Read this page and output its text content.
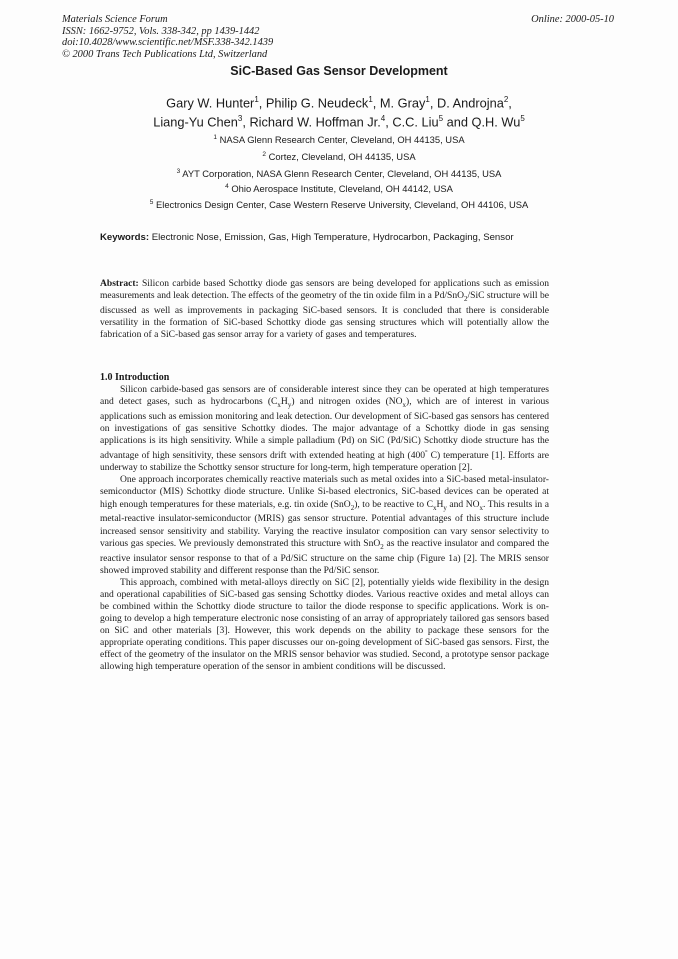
Materials Science Forum
ISSN: 1662-9752, Vols. 338-342, pp 1439-1442
doi:10.4028/www.scientific.net/MSF.338-342.1439
© 2000 Trans Tech Publications Ltd, Switzerland
Online: 2000-05-10
SiC-Based Gas Sensor Development
Gary W. Hunter$^1$, Philip G. Neudeck$^1$, M. Gray$^1$, D. Androjna$^2$,
Liang-Yu Chen$^3$, Richard W. Hoffman Jr.$^4$, C.C. Liu$^5$ and Q.H. Wu$^5$
$^1$ NASA Glenn Research Center, Cleveland, OH 44135, USA
$^2$ Cortez, Cleveland, OH 44135, USA
$^3$ AYT Corporation, NASA Glenn Research Center, Cleveland, OH 44135, USA
$^4$ Ohio Aerospace Institute, Cleveland, OH 44142, USA
$^5$ Electronics Design Center, Case Western Reserve University, Cleveland, OH 44106, USA
Keywords: Electronic Nose, Emission, Gas, High Temperature, Hydrocarbon, Packaging, Sensor

Abstract: Silicon carbide based Schottky diode gas sensors are being developed for applications such as emission measurements and leak detection. The effects of the geometry of the tin oxide film in a Pd/SnO$_2$/SiC structure will be discussed as well as improvements in packaging SiC-based sensors. It is concluded that there is considerable versatility in the formation of SiC-based Schottky diode gas sensing structures which will potentially allow the fabrication of a SiC-based gas sensor array for a variety of gases and temperatures.

1.0 Introduction

Silicon carbide-based gas sensors are of considerable interest since they can be operated at high temperatures and detect gases, such as hydrocarbons $(C_xH_y)$ and nitrogen oxides $(NO_x)$, which are of interest in various applications such as emission monitoring and leak detection. Our development of SiC-based gas sensors has centered on investigations of gas sensitive Schottky diodes. The major advantage of a Schottky diode in gas sensing applications is its high sensitivity. While a simple palladium (Pd) on SiC (Pd/SiC) Schottky diode structure has the advantage of high sensitivity, these sensors drift with extended heating at high (400° C) temperature [1]. Efforts are underway to stabilize the Schottky sensor structure for long-term, high temperature operation [2].

One approach incorporates chemically reactive materials such as metal oxides into a SiC-based metal-insulator-semiconductor (MIS) Schottky diode structure. Unlike Si-based electronics, SiC-based devices can be operated at high enough temperatures for these materials, e.g. tin oxide (SnO$_2$), to be reactive to $C_xH_y$ and $NO_x$. This results in a metal-reactive insulator-semiconductor (MRIS) gas sensor structure. Potential advantages of this structure include increased sensor sensitivity and stability. Varying the reactive insulator composition can vary sensor selectivity to various gas species. We previously demonstrated this structure with SnO$_2$ as the reactive insulator and compared the reactive insulator sensor response to that of a Pd/SiC structure on the same chip (Figure 1a) [2]. The MRIS sensor showed improved stability and different response than the Pd/SiC sensor.

This approach, combined with metal-alloys directly on SiC [2], potentially yields wide flexibility in the design and operational capabilities of SiC-based gas sensing Schottky diodes. Various reactive oxides and metal alloys can be combined within the Schottky diode structure to tailor the diode response to specific applications. Work is on-going to develop a high temperature electronic nose consisting of an array of appropriately tailored gas sensors based on SiC and other materials [3]. However, this work depends on the ability to package these sensors for the appropriate operating conditions. This paper discusses our on-going development of SiC-based gas sensors. First, the effect of the geometry of the insulator on the MRIS sensor behavior was studied. Second, a prototype sensor package allowing high temperature operation of the sensor in ambient conditions will be discussed.
